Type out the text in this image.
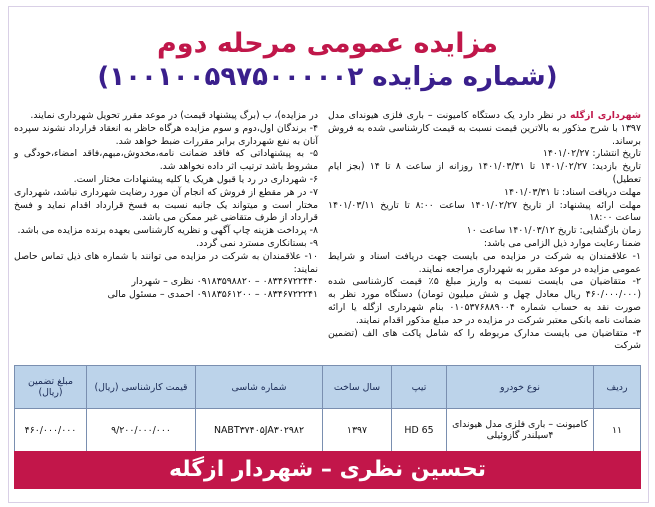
مزایده عمومی مرحله دوم
(شماره مزایده ۱۰۰۱۰۰۵۹۷۵۰۰۰۰۰۲)

شهرداری ازگله در نظر دارد یک دستگاه کامیونت – باری فلزی هیوندای مدل ۱۳۹۷ با شرح مذکور به بالاترین قیمت نسبت به قیمت کارشناسی شده به فروش برساند.

تاریخ انتشار: ۱۴۰۱/۰۲/۲۷

تاریخ بازدید: ۱۴۰۱/۰۲/۲۷ تا ۱۴۰۱/۰۳/۳۱ روزانه از ساعت ۸ تا ۱۴ (بجز ایام تعطیل)

مهلت دریافت اسناد: تا ۱۴۰۱/۰۳/۳۱

مهلت ارائه پیشنهاد: از تاریخ ۱۴۰۱/۰۲/۲۷ ساعت ۸:۰۰ تا تاریخ ۱۴۰۱/۰۳/۱۱ ساعت ۱۸:۰۰

زمان بازگشایی: تاریخ ۱۴۰۱/۰۳/۱۲ ساعت ۱۰

ضمنا رعایت موارد ذیل الزامی می باشد:

۱- علاقمندان به شرکت در مزایده می بایست جهت دریافت اسناد و شرایط عمومی مزایده در موعد مقرر به شهرداری مراجعه نمایند.

۲- متقاضیان می بایست نسبت به واریز مبلغ ۵٪ قیمت کارشناسی شده (۴۶۰/۰۰۰/۰۰۰ ریال معادل چهل و شش میلیون تومان) دستگاه مورد نظر به صورت نقد به حساب شماره ۰۱۰۵۳۷۶۸۸۹۰۰۴ بنام شهرداری ازگله یا ارائه ضمانت نامه بانکی معتبر شرکت در مزایده در حد مبلغ مذکور اقدام نمایند.

۳- متقاضیان می بایست مدارک مربوطه را که شامل پاکت های الف (تضمین شرکت

در مزایده)، ب (برگ پیشنهاد قیمت) در موعد مقرر تحویل شهرداری نمایند.

۴- برندگان اول،دوم و سوم مزایده هرگاه حاظر به انعقاد قرارداد نشوند سپرده آنان به نفع شهرداری برابر مقررات ضبط خواهد شد.

۵- به پیشنهاداتی که فاقد ضمانت نامه،مخدوش،مبهم،فاقد امضاء،خودگی و مشروط باشد ترتیب اثر داده نخواهد شد.

۶- شهرداری در رد یا قبول هریک یا کلیه پیشنهادات مختار است.

۷- در هر مقطع از فروش که انجام آن مورد رضایت شهرداری نباشد، شهرداری مختار است و میتواند یک جانبه نسبت به فسخ قرارداد اقدام نماید و فسخ قرارداد از طرف متقاضی غیر ممکن می باشد.

۸- پرداخت هزینه چاپ آگهی و نظریه کارشناسی بعهده برنده مزایده می باشد.

۹- بستانکاری مسترد نمی گردد.

۱۰- علاقمندان به شرکت در مزایده می توانند با شماره های ذیل تماس حاصل نمایند:

۰۸۳۴۶۷۲۲۴۴۰ – ۰۹۱۸۳۵۹۸۸۲۰ نظری – شهردار

۰۸۳۴۶۷۲۲۲۴۱ – ۰۹۱۸۳۵۶۱۲۰۰ احمدی – مسئول مالی

ردیف	نوع خودرو	تیپ	سال ساخت	شماره شاسی	قیمت کارشناسی (ریال)	مبلغ تضمین (ریال)
۱۱	کامیونت – باری فلزی مدل هیوندای ۴سیلندر گازوئیلی	HD 65	۱۳۹۷	NABT۳۷۴۰۵JA۳۰۲۹۸۲	۹/۲۰۰/۰۰۰/۰۰۰	۴۶۰/۰۰۰/۰۰۰
تحسین نظری – شهردار ازگله
